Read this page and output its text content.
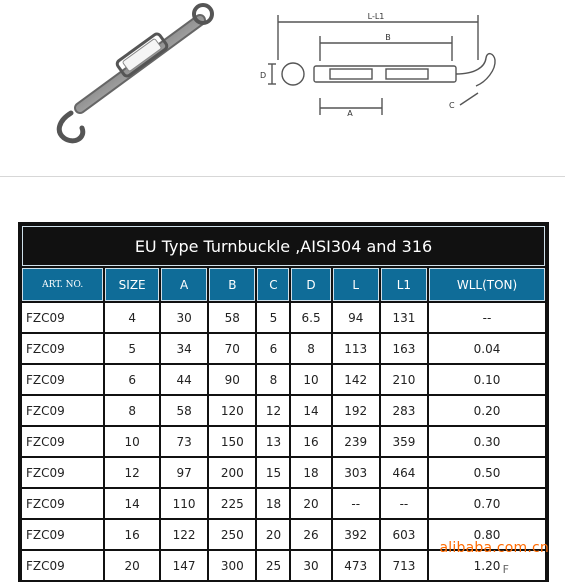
L-L1
B
D
A
C
EU Type Turnbuckle ,AISI304 and 316								
ART. NO.	SIZE	A	B	C	D	L	L1	WLL(TON)
FZC09	4	30	58	5	6.5	94	131	--
FZC09	5	34	70	6	8	113	163	0.04
FZC09	6	44	90	8	10	142	210	0.10
FZC09	8	58	120	12	14	192	283	0.20
FZC09	10	73	150	13	16	239	359	0.30
FZC09	12	97	200	15	18	303	464	0.50
FZC09	14	110	225	18	20	--	--	0.70
FZC09	16	122	250	20	26	392	603	0.80
FZC09	20	147	300	25	30	473	713	1.20
alibaba.com.cn
F
